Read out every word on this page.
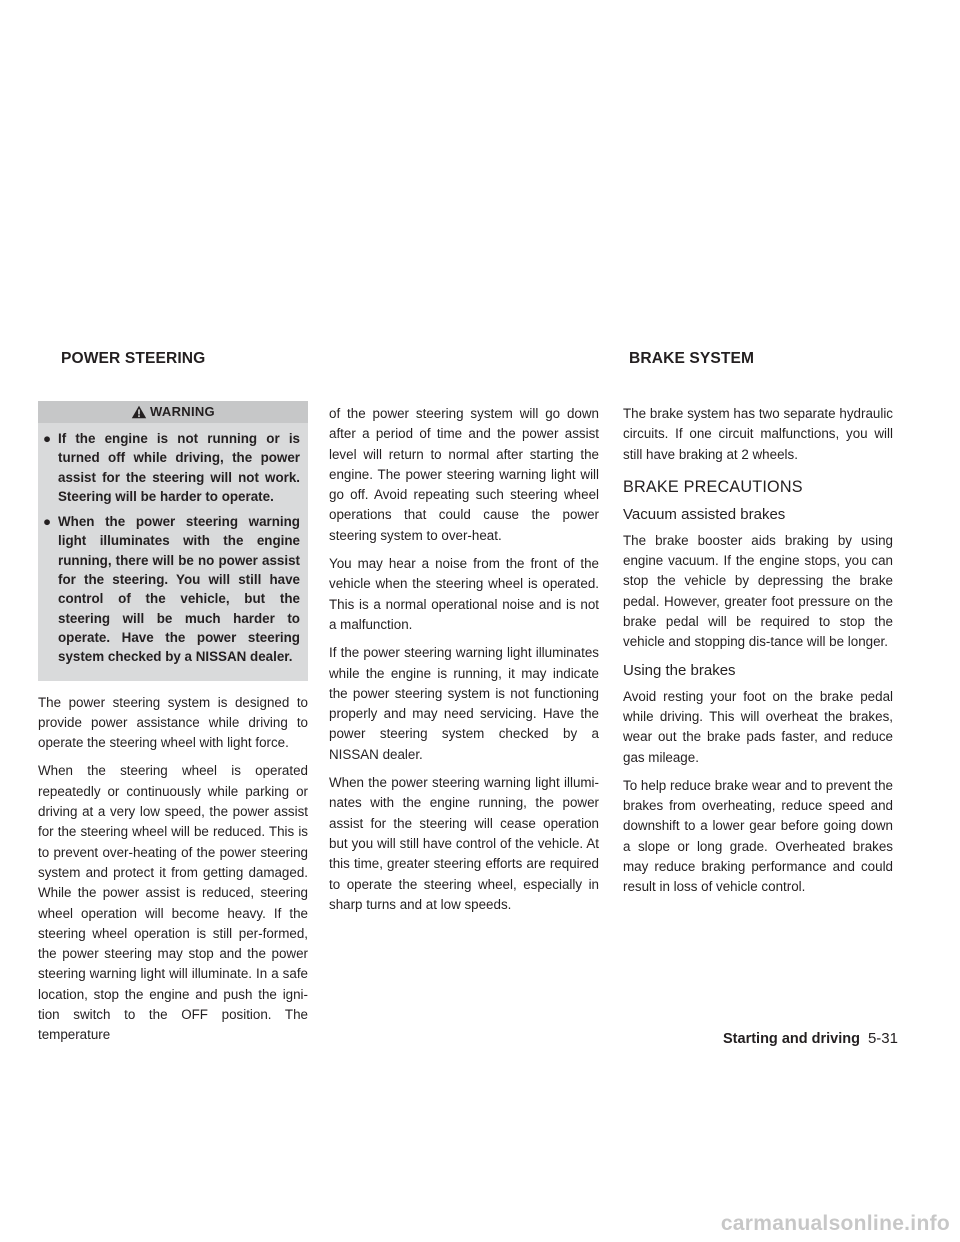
POWER STEERING	BRAKE SYSTEM
WARNING
● If the engine is not running or is turned off while driving, the power assist for the steering will not work. Steering will be harder to operate.
● When the power steering warning light illuminates with the engine running, there will be no power assist for the steering. You will still have control of the vehicle, but the steering will be much harder to operate. Have the power steering system checked by a NISSAN dealer.

The power steering system is designed to provide power assistance while driving to operate the steering wheel with light force.

When the steering wheel is operated repeatedly or continuously while parking or driving at a very low speed, the power assist for the steering wheel will be reduced. This is to prevent over-heating of the power steering system and protect it from getting damaged. While the power assist is reduced, steering wheel operation will become heavy. If the steering wheel operation is still per-formed, the power steering may stop and the power steering warning light will illuminate. In a safe location, stop the engine and push the igni-tion switch to the OFF position. The temperature

of the power steering system will go down after a period of time and the power assist level will return to normal after starting the engine. The power steering warning light will go off. Avoid repeating such steering wheel operations that could cause the power steering system to over-heat.

You may hear a noise from the front of the vehicle when the steering wheel is operated. This is a normal operational noise and is not a malfunction.

If the power steering warning light illuminates while the engine is running, it may indicate the power steering system is not functioning properly and may need servicing. Have the power steering system checked by a NISSAN dealer.

When the power steering warning light illumi-nates with the engine running, the power assist for the steering will cease operation but you will still have control of the vehicle. At this time, greater steering efforts are required to operate the steering wheel, especially in sharp turns and at low speeds.

The brake system has two separate hydraulic circuits. If one circuit malfunctions, you will still have braking at 2 wheels.

BRAKE PRECAUTIONS
Vacuum assisted brakes

The brake booster aids braking by using engine vacuum. If the engine stops, you can stop the vehicle by depressing the brake pedal. However, greater foot pressure on the brake pedal will be required to stop the vehicle and stopping dis-tance will be longer.

Using the brakes

Avoid resting your foot on the brake pedal while driving. This will overheat the brakes, wear out the brake pads faster, and reduce gas mileage.

To help reduce brake wear and to prevent the brakes from overheating, reduce speed and downshift to a lower gear before going down a slope or long grade. Overheated brakes may reduce braking performance and could result in loss of vehicle control.

Starting and driving 5-31
carmanualsonline.info
